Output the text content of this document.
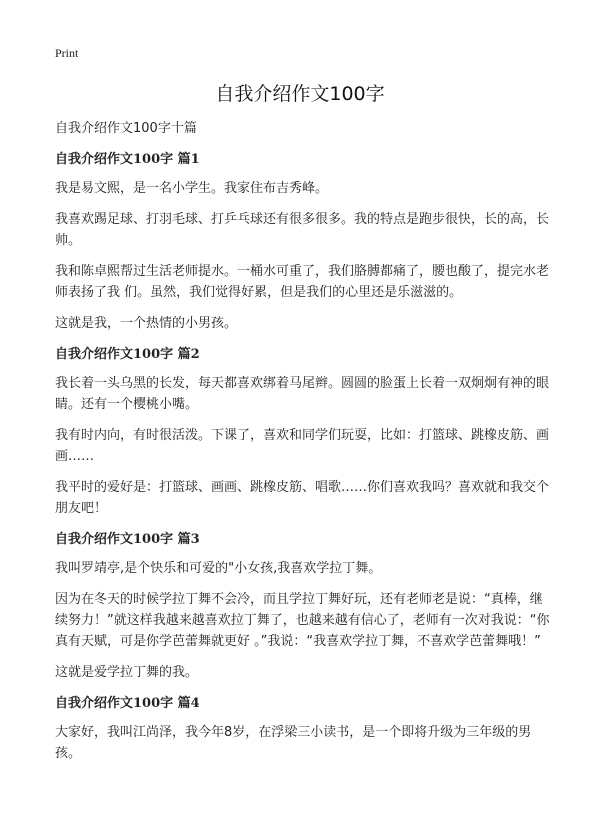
Print
自我介绍作文100字

自我介绍作文100字十篇

自我介绍作文100字 篇1

我是易文熙，是一名小学生。我家住布吉秀峰。

我喜欢踢足球、打羽毛球、打乒乓球还有很多很多。我的特点是跑步很快，长的高，长帅。

我和陈卓熙帮过生活老师提水。一桶水可重了，我们胳膊都痛了，腰也酸了，提完水老师表扬了我 们。虽然，我们觉得好累，但是我们的心里还是乐滋滋的。

这就是我，一个热情的小男孩。

自我介绍作文100字 篇2

我长着一头乌黑的长发，每天都喜欢绑着马尾辫。圆圆的脸蛋上长着一双炯炯有神的眼睛。还有一个樱桃小嘴。

我有时内向，有时很活泼。下课了，喜欢和同学们玩耍，比如：打篮球、跳橡皮筋、画画……

我平时的爱好是：打篮球、画画、跳橡皮筋、唱歌……你们喜欢我吗？喜欢就和我交个朋友吧！

自我介绍作文100字 篇3

我叫罗靖亭,是个快乐和可爱的"小女孩,我喜欢学拉丁舞。

因为在冬天的时候学拉丁舞不会冷，而且学拉丁舞好玩，还有老师老是说：“真棒，继续努力！”就这样我越来越喜欢拉丁舞了，也越来越有信心了，老师有一次对我说：“你真有天赋，可是你学芭蕾舞就更好 。”我说：“我喜欢学拉丁舞，不喜欢学芭蕾舞哦！”

这就是爱学拉丁舞的我。

自我介绍作文100字 篇4

大家好，我叫江尚泽，我今年8岁，在浮梁三小读书，是一个即将升级为三年级的男孩。
